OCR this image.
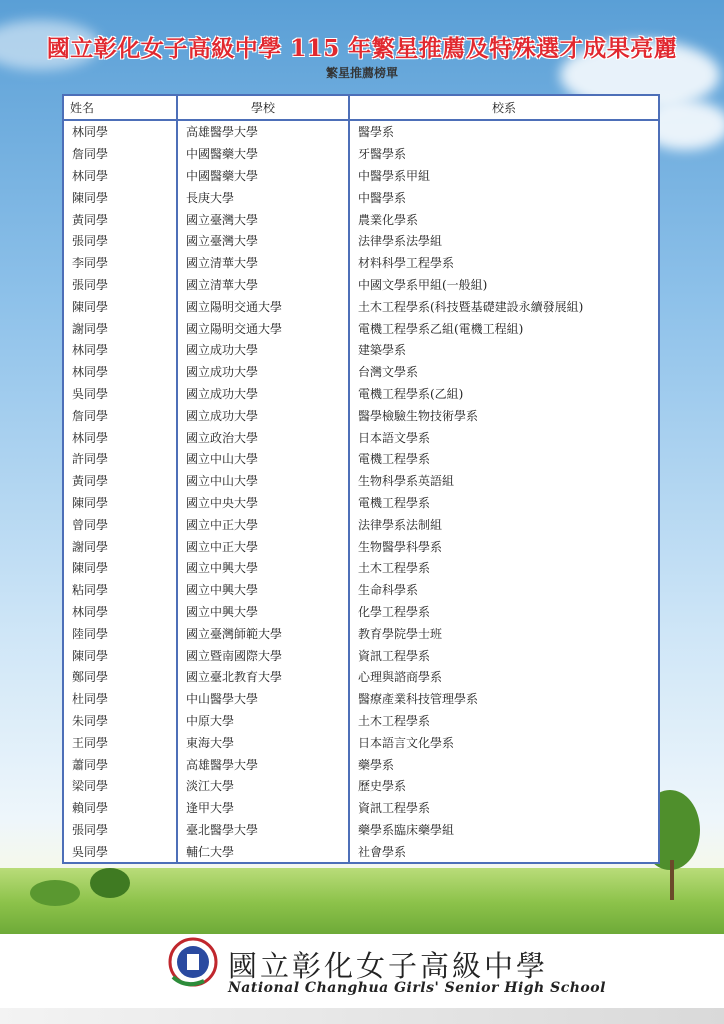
國立彰化女子高級中學 115 年繁星推薦及特殊選才成果亮麗
繁星推薦榜單
姓名	學校	校系
林同學	高雄醫學大學	醫學系
詹同學	中國醫藥大學	牙醫學系
林同學	中國醫藥大學	中醫學系甲組
陳同學	長庚大學	中醫學系
黃同學	國立臺灣大學	農業化學系
張同學	國立臺灣大學	法律學系法學組
李同學	國立清華大學	材料科學工程學系
張同學	國立清華大學	中國文學系甲組(一般組)
陳同學	國立陽明交通大學	土木工程學系(科技暨基礎建設永續發展組)
謝同學	國立陽明交通大學	電機工程學系乙組(電機工程組)
林同學	國立成功大學	建築學系
林同學	國立成功大學	台灣文學系
吳同學	國立成功大學	電機工程學系(乙組)
詹同學	國立成功大學	醫學檢驗生物技術學系
林同學	國立政治大學	日本語文學系
許同學	國立中山大學	電機工程學系
黃同學	國立中山大學	生物科學系英語組
陳同學	國立中央大學	電機工程學系
曾同學	國立中正大學	法律學系法制組
謝同學	國立中正大學	生物醫學科學系
陳同學	國立中興大學	土木工程學系
粘同學	國立中興大學	生命科學系
林同學	國立中興大學	化學工程學系
陸同學	國立臺灣師範大學	教育學院學士班
陳同學	國立暨南國際大學	資訊工程學系
鄭同學	國立臺北教育大學	心理與諮商學系
杜同學	中山醫學大學	醫療產業科技管理學系
朱同學	中原大學	土木工程學系
王同學	東海大學	日本語言文化學系
蕭同學	高雄醫學大學	藥學系
梁同學	淡江大學	歷史學系
賴同學	逢甲大學	資訊工程學系
張同學	臺北醫學大學	藥學系臨床藥學組
吳同學	輔仁大學	社會學系
國立彰化女子高級中學
National Changhua Girls' Senior High School
